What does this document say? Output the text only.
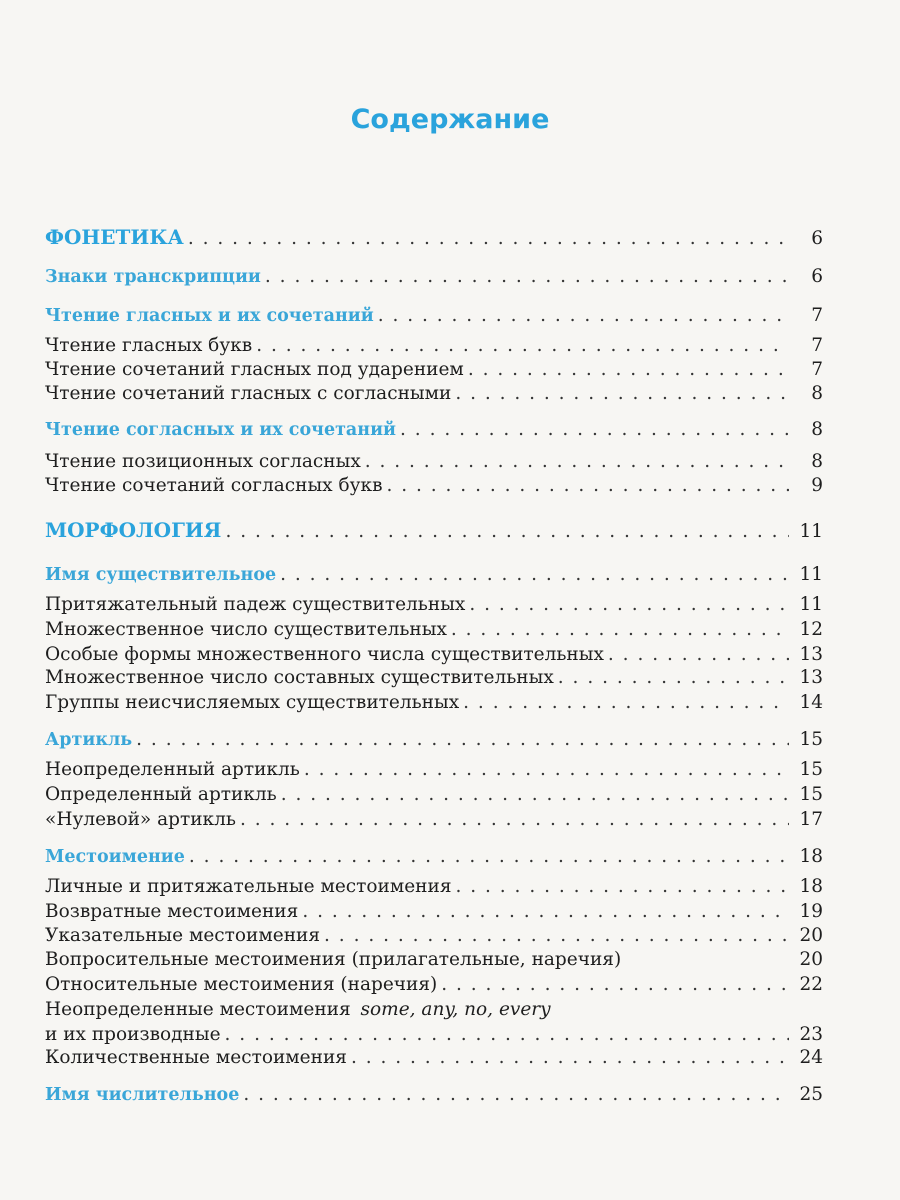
Содержание
ФОНЕТИКА . . .	6
Знаки транскрипции . . .	6
Чтение гласных и их сочетаний . . .	7
Чтение гласных букв . . .	7
Чтение сочетаний гласных под ударением . . .	7
Чтение сочетаний гласных с согласными . . .	8
Чтение согласных и их сочетаний . . .	8
Чтение позиционных согласных . . .	8
Чтение сочетаний согласных букв . . .	9
МОРФОЛОГИЯ . . .	11
Имя существительное . . .	11
Притяжательный падеж существительных . . .	11
Множественное число существительных . . .	12
Особые формы множественного числа существительных . . .	13
Множественное число составных существительных . . .	13
Группы неисчисляемых существительных . . .	14
Артикль . . .	15
Неопределенный артикль . . .	15
Определенный артикль . . .	15
«Нулевой» артикль . . .	17
Местоимение . . .	18
Личные и притяжательные местоимения . . .	18
Возвратные местоимения . . .	19
Указательные местоимения . . .	20
Вопросительные местоимения (прилагательные, наречия)	20
Относительные местоимения (наречия) . . .	22
Неопределенные местоимения some, any, no, every
и их производные . . .	23
Количественные местоимения . . .	24
Имя числительное . . .	25
